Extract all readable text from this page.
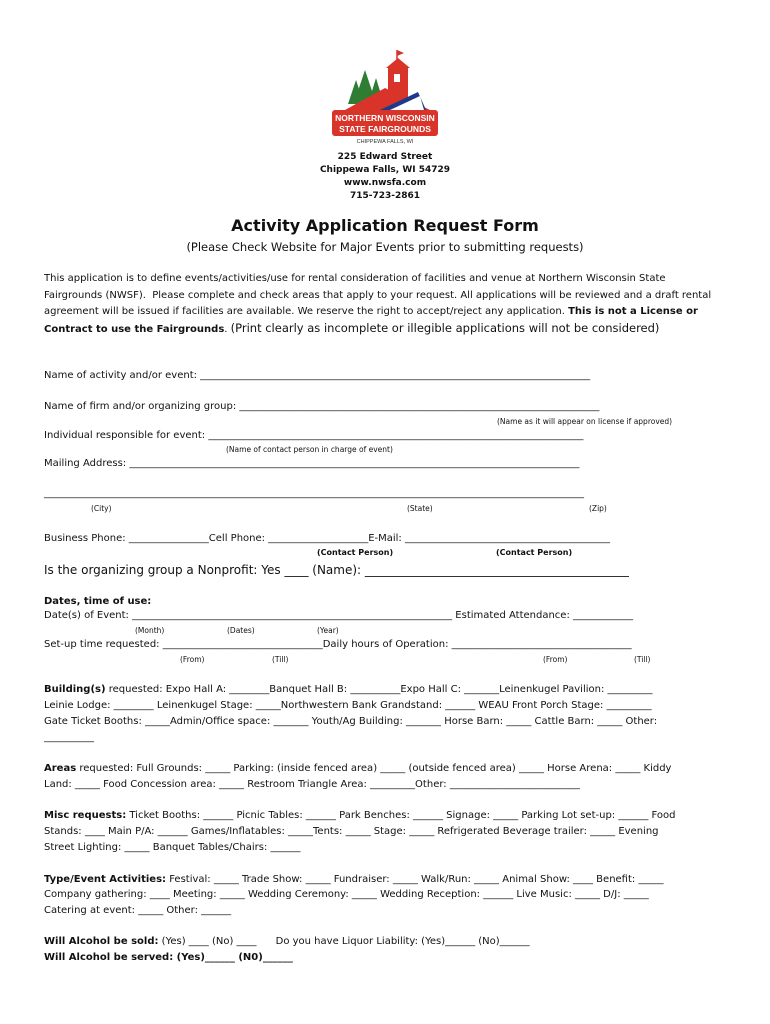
NORTHERN WISCONSIN
STATE FAIRGROUNDS
CHIPPEWA FALLS, WI
225 Edward Street
Chippewa Falls, WI 54729
www.nwsfa.com
715-723-2861
Activity Application Request Form
(Please Check Website for Major Events prior to submitting requests)
This application is to define events/activities/use for rental consideration of facilities and venue at Northern Wisconsin State
Fairgrounds (NWSF).  Please complete and check areas that apply to your request. All applications will be reviewed and a draft rental
agreement will be issued if facilities are available. We reserve the right to accept/reject any application. This is not a License or
Contract to use the Fairgrounds. (Print clearly as incomplete or illegible applications will not be considered)
Name of activity and/or event: ______________________________________________________________________________
Name of firm and/or organizing group: ________________________________________________________________________
(Name as it will appear on license if approved)
Individual responsible for event: ___________________________________________________________________________
(Name of contact person in charge of event)
Mailing Address: __________________________________________________________________________________________
____________________________________________________________________________________________________________
(City)	(State)	(Zip)
Business Phone: ________________Cell Phone: ____________________E-Mail: _________________________________________
(Contact Person)	(Contact Person)
Is the organizing group a Nonprofit: Yes ____ (Name): ____________________________________________
Dates, time of use:
Date(s) of Event: ________________________________________________________________ Estimated Attendance: ____________
(Month)	(Dates)	(Year)
Set-up time requested: ________________________________Daily hours of Operation: ____________________________________
(From)	(Till)	(From)	(Till)
Building(s) requested: Expo Hall A: ________Banquet Hall B: __________Expo Hall C: _______Leinenkugel Pavilion: _________
Leinie Lodge: ________ Leinenkugel Stage: _____Northwestern Bank Grandstand: ______ WEAU Front Porch Stage: _________
Gate Ticket Booths: _____Admin/Office space: _______ Youth/Ag Building: _______ Horse Barn: _____ Cattle Barn: _____ Other:
__________
Areas requested: Full Grounds: _____ Parking: (inside fenced area) _____ (outside fenced area) _____ Horse Arena: _____ Kiddy
Land: _____ Food Concession area: _____ Restroom Triangle Area: _________Other: __________________________
Misc requests: Ticket Booths: ______ Picnic Tables: ______ Park Benches: ______ Signage: _____ Parking Lot set-up: ______ Food
Stands: ____ Main P/A: ______ Games/Inflatables: _____Tents: _____ Stage: _____ Refrigerated Beverage trailer: _____ Evening
Street Lighting: _____ Banquet Tables/Chairs: ______
Type/Event Activities: Festival: _____ Trade Show: _____ Fundraiser: _____ Walk/Run: _____ Animal Show: ____ Benefit: _____
Company gathering: ____ Meeting: _____ Wedding Ceremony: _____ Wedding Reception: ______ Live Music: _____ D/J: _____
Catering at event: _____ Other: ______
Will Alcohol be sold: (Yes) ____ (No) ____      Do you have Liquor Liability: (Yes)______ (No)______
Will Alcohol be served: (Yes)______ (N0)______
